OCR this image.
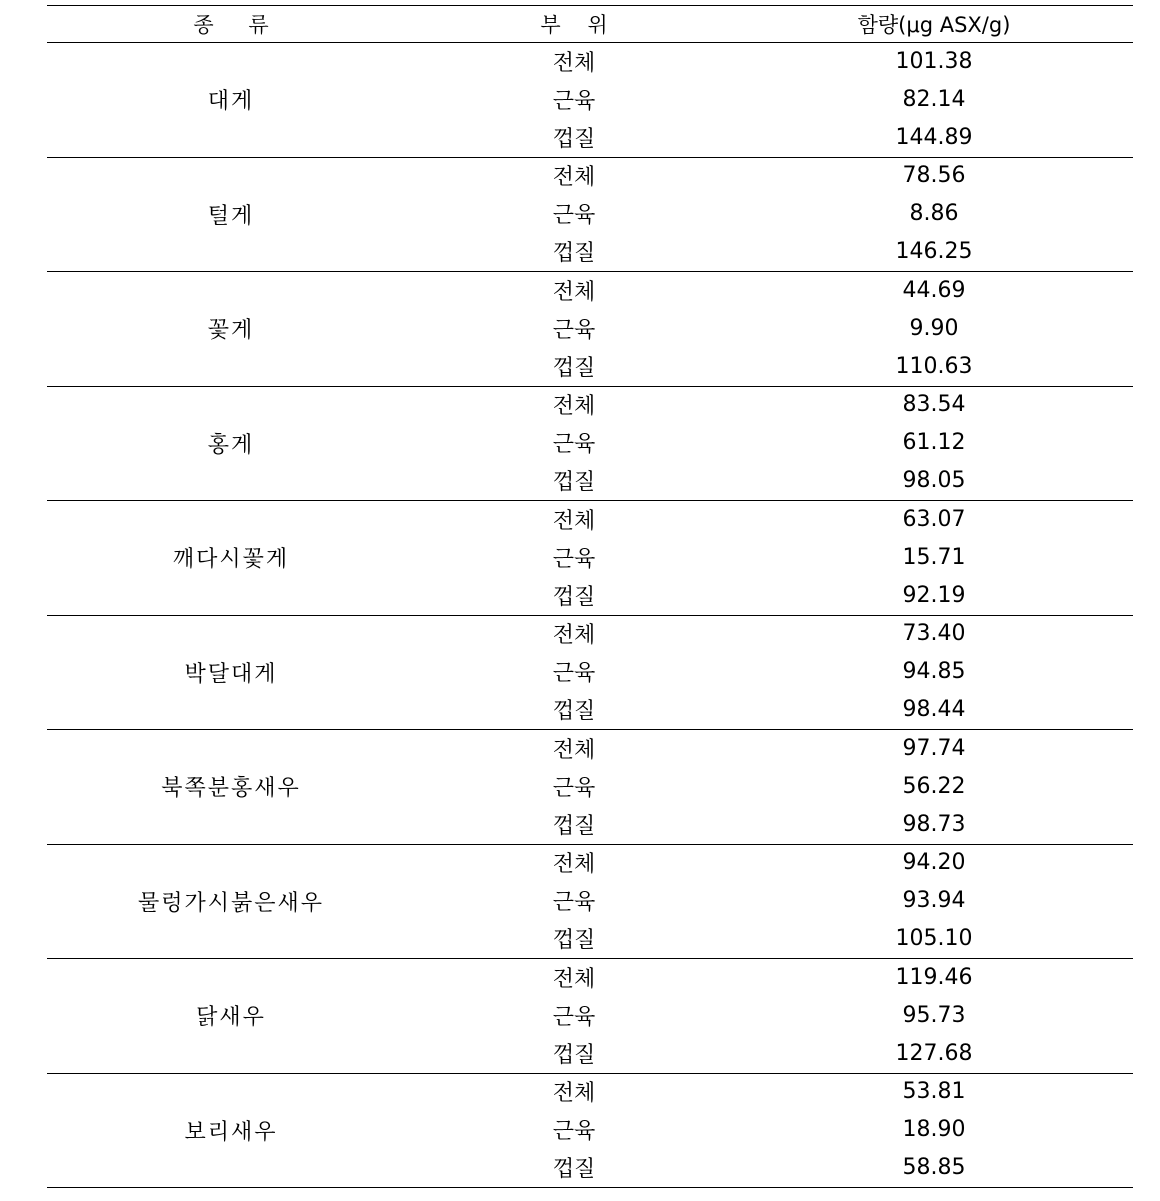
종 류	부 위	함량(μg ASX/g)
대게
전체	101.38
근육	82.14
껍질	144.89
털게
전체	78.56
근육	8.86
껍질	146.25
꽃게
전체	44.69
근육	9.90
껍질	110.63
홍게
전체	83.54
근육	61.12
껍질	98.05
깨다시꽃게
전체	63.07
근육	15.71
껍질	92.19
박달대게
전체	73.40
근육	94.85
껍질	98.44
북쪽분홍새우
전체	97.74
근육	56.22
껍질	98.73
물렁가시붉은새우
전체	94.20
근육	93.94
껍질	105.10
닭새우
전체	119.46
근육	95.73
껍질	127.68
보리새우
전체	53.81
근육	18.90
껍질	58.85
